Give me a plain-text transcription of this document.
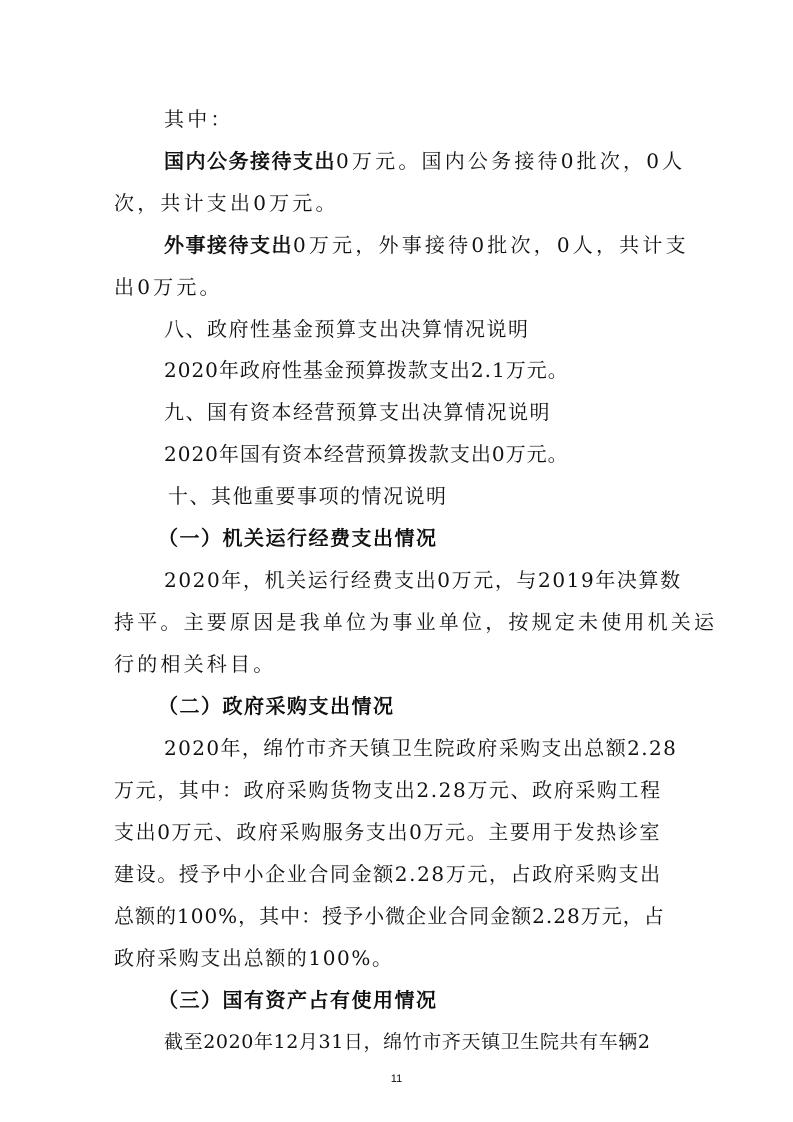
其中：
国内公务接待支出0万元。国内公务接待0批次，0人
次，共计支出0万元。
外事接待支出0万元，外事接待0批次，0人，共计支
出0万元。
八、政府性基金预算支出决算情况说明
2020年政府性基金预算拨款支出2.1万元。
九、国有资本经营预算支出决算情况说明
2020年国有资本经营预算拨款支出0万元。
十、其他重要事项的情况说明
（一）机关运行经费支出情况
2020年，机关运行经费支出0万元，与2019年决算数
持平。主要原因是我单位为事业单位，按规定未使用机关运
行的相关科目。
（二）政府采购支出情况
2020年，绵竹市齐天镇卫生院政府采购支出总额2.28
万元，其中：政府采购货物支出2.28万元、政府采购工程
支出0万元、政府采购服务支出0万元。主要用于发热诊室
建设。授予中小企业合同金额2.28万元，占政府采购支出
总额的100%，其中：授予小微企业合同金额2.28万元，占
政府采购支出总额的100%。
（三）国有资产占有使用情况
截至2020年12月31日，绵竹市齐天镇卫生院共有车辆2
11
